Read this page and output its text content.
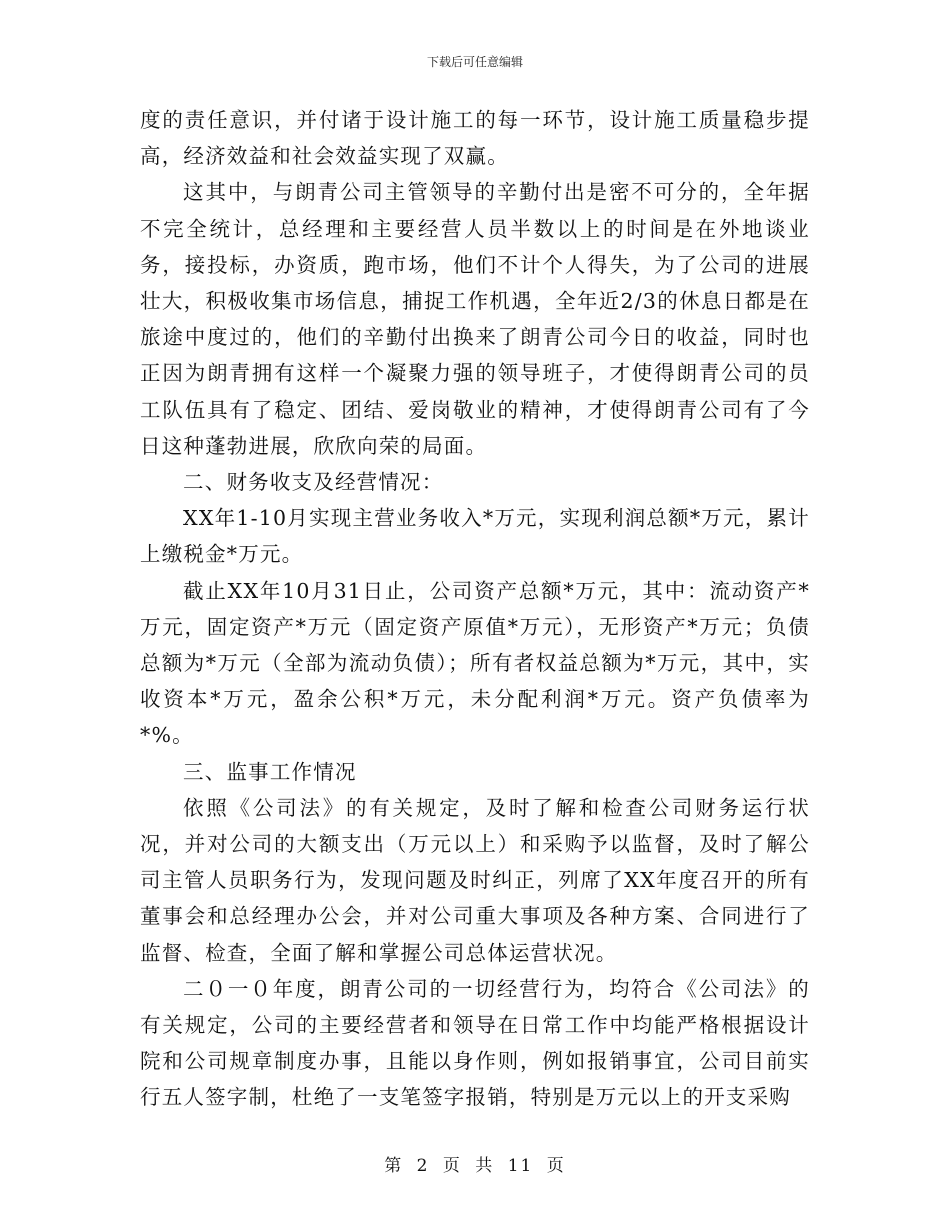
下载后可任意编辑

度的责任意识，并付诸于设计施工的每一环节，设计施工质量稳步提高，经济效益和社会效益实现了双赢。

这其中，与朗青公司主管领导的辛勤付出是密不可分的，全年据不完全统计，总经理和主要经营人员半数以上的时间是在外地谈业务，接投标，办资质，跑市场，他们不计个人得失，为了公司的进展壮大，积极收集市场信息，捕捉工作机遇，全年近2/3的休息日都是在旅途中度过的，他们的辛勤付出换来了朗青公司今日的收益，同时也正因为朗青拥有这样一个凝聚力强的领导班子，才使得朗青公司的员工队伍具有了稳定、团结、爱岗敬业的精神，才使得朗青公司有了今日这种蓬勃进展，欣欣向荣的局面。

二、财务收支及经营情况：

XX年1-10月实现主营业务收入*万元，实现利润总额*万元，累计上缴税金*万元。

截止XX年10月31日止，公司资产总额*万元，其中：流动资产*万元，固定资产*万元（固定资产原值*万元），无形资产*万元；负债总额为*万元（全部为流动负债）；所有者权益总额为*万元，其中，实收资本*万元，盈余公积*万元，未分配利润*万元。资产负债率为*%。

三、监事工作情况

依照《公司法》的有关规定，及时了解和检查公司财务运行状况，并对公司的大额支出（万元以上）和采购予以监督，及时了解公司主管人员职务行为，发现问题及时纠正，列席了XX年度召开的所有董事会和总经理办公会，并对公司重大事项及各种方案、合同进行了监督、检查，全面了解和掌握公司总体运营状况。

二０一０年度，朗青公司的一切经营行为，均符合《公司法》的有关规定，公司的主要经营者和领导在日常工作中均能严格根据设计院和公司规章制度办事，且能以身作则，例如报销事宜，公司目前实行五人签字制，杜绝了一支笔签字报销，特别是万元以上的开支采购

第 2 页 共 11 页
